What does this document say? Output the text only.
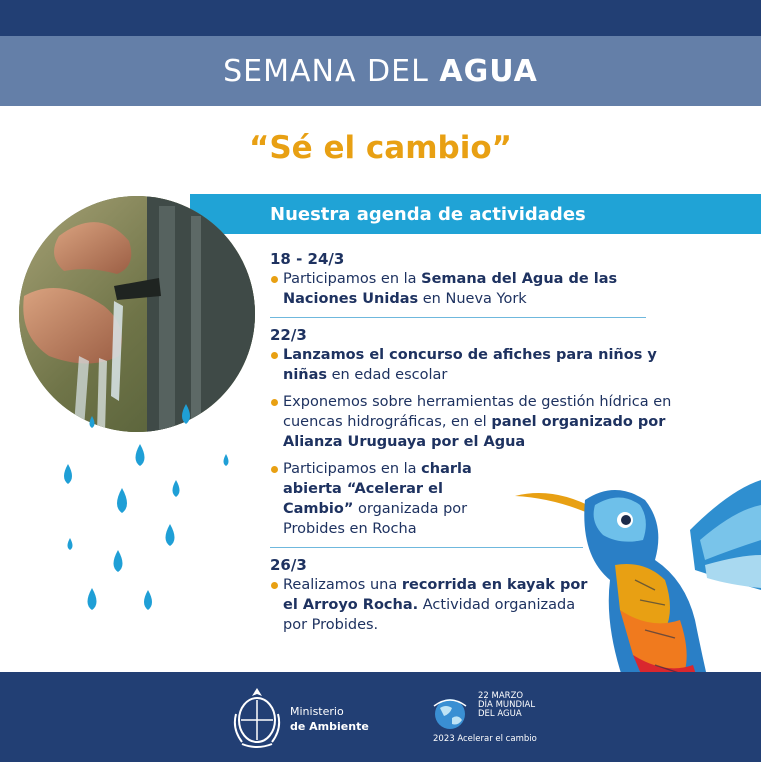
SEMANA DEL AGUA
“Sé el cambio”
Nuestra agenda de actividades
18 - 24/3
Participamos en la Semana del Agua de las Naciones Unidas en Nueva York
22/3
Lanzamos el concurso de afiches para niños y niñas en edad escolar
Exponemos sobre herramientas de gestión hídrica en cuencas hidrográficas, en el panel organizado por Alianza Uruguaya por el Agua
Participamos en la charla abierta “Acelerar el Cambio” organizada por Probides en Rocha
26/3
Realizamos una recorrida en kayak por el Arroyo Rocha. Actividad organizada por Probides.
Ministerio
de Ambiente
22 MARZO
DÍA MUNDIAL
DEL AGUA
2023 Acelerar el cambio
